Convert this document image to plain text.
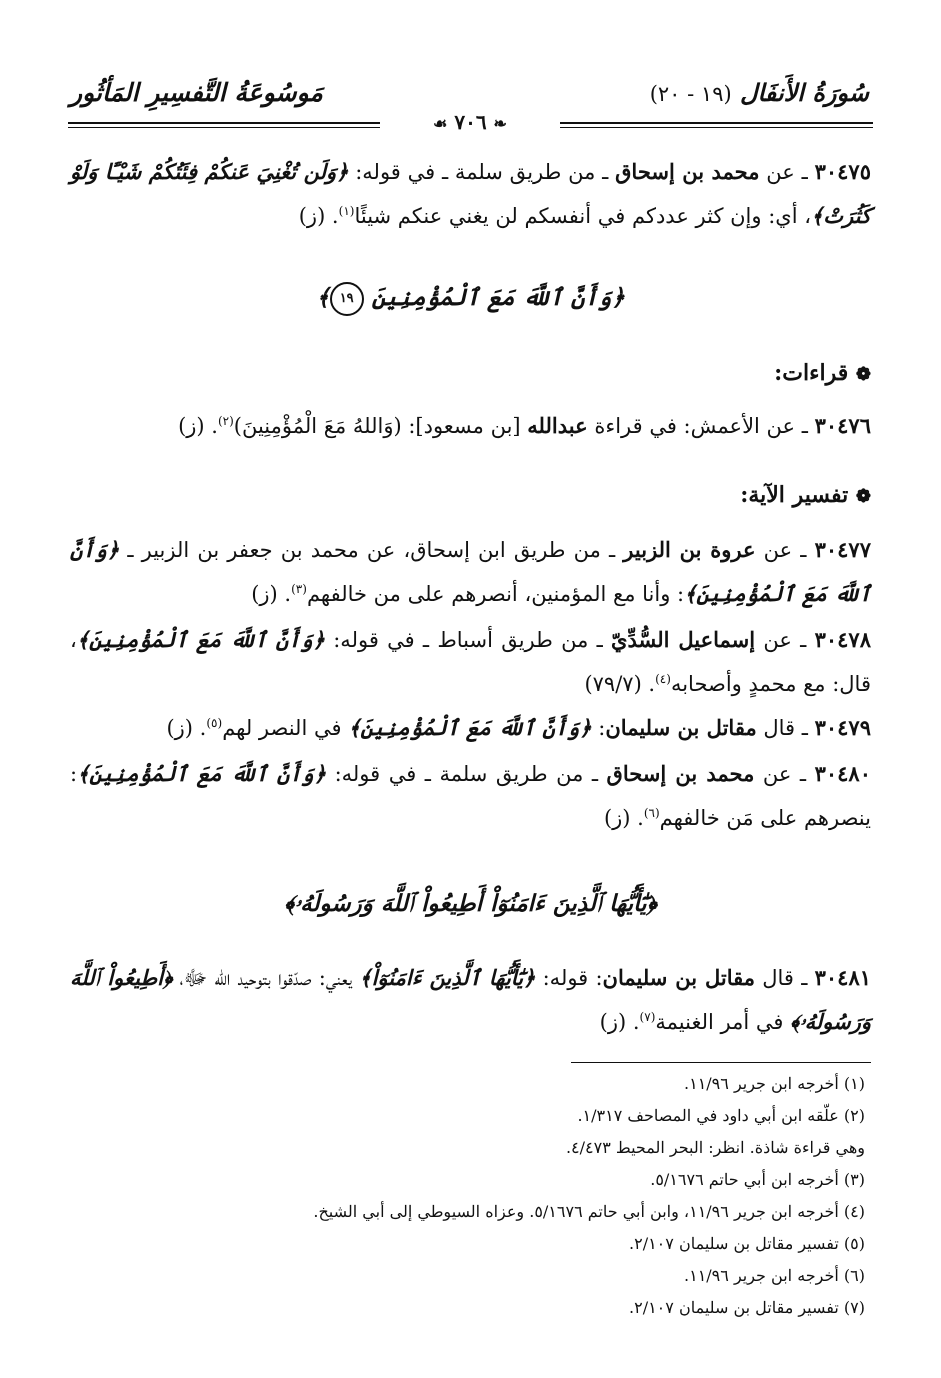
سُورَةُ الأَنفَال (١٩ - ٢٠)
مَوسُوعَةُ التَّفسِيرِ المَأثُور
❧ ٧٠٦ ☙
٣٠٤٧٥ ـ عن محمد بن إسحاق ـ من طريق سلمة ـ في قوله: ﴿وَلَن تُغْنِيَ عَنكُمْ فِئَتُكُمْ شَيْـًٔا وَلَوْ كَثُرَتْ﴾، أي: وإن كثر عددكم في أنفسكم لن يغني عنكم شيئًا$^{(١)}$. (ز)
﴿وَأَنَّ ٱللَّهَ مَعَ ٱلْمُؤْمِنِينَ ١٩﴾
❁ قراءات:
٣٠٤٧٦ ـ عن الأعمش: في قراءة عبدالله [بن مسعود]: (وَاللهُ مَعَ الْمُؤْمِنِينَ)$^{(٢)}$. (ز)
❁ تفسير الآية:
٣٠٤٧٧ ـ عن عروة بن الزبير ـ من طريق ابن إسحاق، عن محمد بن جعفر بن الزبير ـ ﴿وَأَنَّ ٱللَّهَ مَعَ ٱلْمُؤْمِنِينَ﴾: وأنا مع المؤمنين، أنصرهم على من خالفهم$^{(٣)}$. (ز)
٣٠٤٧٨ ـ عن إسماعيل السُّدِّيّ ـ من طريق أسباط ـ في قوله: ﴿وَأَنَّ ٱللَّهَ مَعَ ٱلْمُؤْمِنِينَ﴾، قال: مع محمدٍ وأصحابه$^{(٤)}$. (٧٩/٧)
٣٠٤٧٩ ـ قال مقاتل بن سليمان: ﴿وَأَنَّ ٱللَّهَ مَعَ ٱلْمُؤْمِنِينَ﴾ في النصر لهم$^{(٥)}$. (ز)
٣٠٤٨٠ ـ عن محمد بن إسحاق ـ من طريق سلمة ـ في قوله: ﴿وَأَنَّ ٱللَّهَ مَعَ ٱلْمُؤْمِنِينَ﴾: ينصرهم على مَن خالفهم$^{(٦)}$. (ز)
﴿يَٰٓأَيُّهَا ٱلَّذِينَ ءَامَنُوٓاْ أَطِيعُواْ ٱللَّهَ وَرَسُولَهُۥ﴾
٣٠٤٨١ ـ قال مقاتل بن سليمان: قوله: ﴿يَٰٓأَيُّهَا ٱلَّذِينَ ءَامَنُوٓاْ﴾ يعني: صدّقوا بتوحيد الله ﷻ، ﴿أَطِيعُواْ ٱللَّهَ وَرَسُولَهُۥ﴾ في أمر الغنيمة$^{(٧)}$. (ز)
(١) أخرجه ابن جرير ١١/٩٦.
(٢) علّقه ابن أبي داود في المصاحف ١/٣١٧.
وهي قراءة شاذة. انظر: البحر المحيط ٤/٤٧٣.
(٣) أخرجه ابن أبي حاتم ٥/١٦٧٦.
(٤) أخرجه ابن جرير ١١/٩٦، وابن أبي حاتم ٥/١٦٧٦. وعزاه السيوطي إلى أبي الشيخ.
(٥) تفسير مقاتل بن سليمان ٢/١٠٧.
(٦) أخرجه ابن جرير ١١/٩٦.
(٧) تفسير مقاتل بن سليمان ٢/١٠٧.
